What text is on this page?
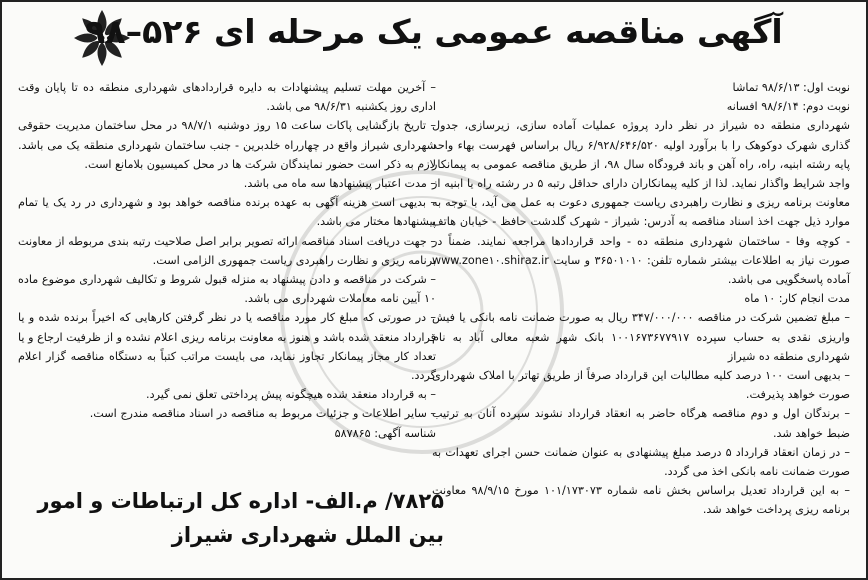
آگهی مناقصه عمومی یک مرحله ای ۵۲۶–۹۸

نوبت اول: ۹۸/۶/۱۳ تماشا

نوبت دوم: ۹۸/۶/۱۴ افسانه

شهرداری منطقه ده شیراز در نظر دارد پروژه عملیات آماده سازی، زیرسازی، جدول گذاری شهرک دوکوهک را با برآورد اولیه ۶/۹۲۸/۶۴۶/۵۲۰ ریال براساس فهرست بهاء واحد پایه رشته ابنیه، راه، راه آهن و باند فرودگاه سال ۹۸، از طریق مناقصه عمومی به پیمانکار واجد شرایط واگذار نماید. لذا از کلیه پیمانکاران دارای حداقل رتبه ۵ در رشته راه یا ابنیه از معاونت برنامه ریزی و نظارت راهبردی ریاست جمهوری دعوت به عمل می آید، با توجه به موارد ذیل جهت اخذ اسناد مناقصه به آدرس: شیراز - شهرک گلدشت حافظ - خیابان هاتف - کوچه وفا - ساختمان شهرداری منطقه ده - واحد قراردادها مراجعه نمایند. ضمناً در صورت نیاز به اطلاعات بیشتر شماره تلفن: ۳۶۵۰۱۰۱۰ و سایت www.zone۱۰.shiraz.ir آماده پاسخگویی می باشد.

مدت انجام کار: ۱۰ ماه

– مبلغ تضمین شرکت در مناقصه ۳۴۷/۰۰۰/۰۰۰ ریال به صورت ضمانت نامه بانکی یا فیش واریزی نقدی به حساب سپرده ۱۰۰۱۶۷۳۶۷۷۹۱۷ بانک شهر شعبه معالی آباد به نام شهرداری منطقه ده شیراز

– بدیهی است ۱۰۰ درصد کلیه مطالبات این قرارداد صرفاً از طریق تهاتر با املاک شهرداری صورت خواهد پذیرفت.

– برندگان اول و دوم مناقصه هرگاه حاضر به انعقاد قرارداد نشوند سپرده آنان به ترتیب ضبط خواهد شد.

– در زمان انعقاد قرارداد ۵ درصد مبلغ پیشنهادی به عنوان ضمانت حسن اجرای تعهدات به صورت ضمانت نامه بانکی اخذ می گردد.

– به این قرارداد تعدیل براساس بخش نامه شماره ۱۰۱/۱۷۳۰۷۳ مورخ ۹۸/۹/۱۵ معاونت برنامه ریزی پرداخت خواهد شد.

– آخرین مهلت تسلیم پیشنهادات به دایره قراردادهای شهرداری منطقه ده تا پایان وقت اداری روز یکشنبه ۹۸/۶/۳۱ می باشد.

– تاریخ بازگشایی پاکات ساعت ۱۵ روز دوشنبه ۹۸/۷/۱ در محل ساختمان مدیریت حقوقی شهرداری شیراز واقع در چهارراه خلدبرین - جنب ساختمان شهرداری منطقه یک می باشد. لازم به ذکر است حضور نمایندگان شرکت ها در محل کمیسیون بلامانع است.

– مدت اعتبار پیشنهادها سه ماه می باشد.

– بدیهی است هزینه آگهی به عهده برنده مناقصه خواهد بود و شهرداری در رد یک یا تمام پیشنهادها مختار می باشد.

– جهت دریافت اسناد مناقصه ارائه تصویر برابر اصل صلاحیت رتبه بندی مربوطه از معاونت برنامه ریزی و نظارت راهبردی ریاست جمهوری الزامی است.

– شرکت در مناقصه و دادن پیشنهاد به منزله قبول شروط و تکالیف شهرداری موضوع ماده ۱۰ آیین نامه معاملات شهرداری می باشد.

– در صورتی که مبلغ کار مورد مناقصه یا در نظر گرفتن کارهایی که اخیراً برنده شده و یا قرارداد منعقد شده باشد و هنوز به معاونت برنامه ریزی اعلام نشده و از ظرفیت ارجاع و یا تعداد کار مجاز پیمانکار تجاوز نماید، می بایست مراتب کتباً به دستگاه مناقصه گزار اعلام گردد.

– به قرارداد منعقد شده هیچگونه پیش پرداختی تعلق نمی گیرد.

– سایر اطلاعات و جزئیات مربوط به مناقصه در اسناد مناقصه مندرج است.

شناسه آگهی: ۵۸۷۸۶۵

۷۸۲۵/ م.الف- اداره کل ارتباطات و امور بین الملل شهرداری شیراز
